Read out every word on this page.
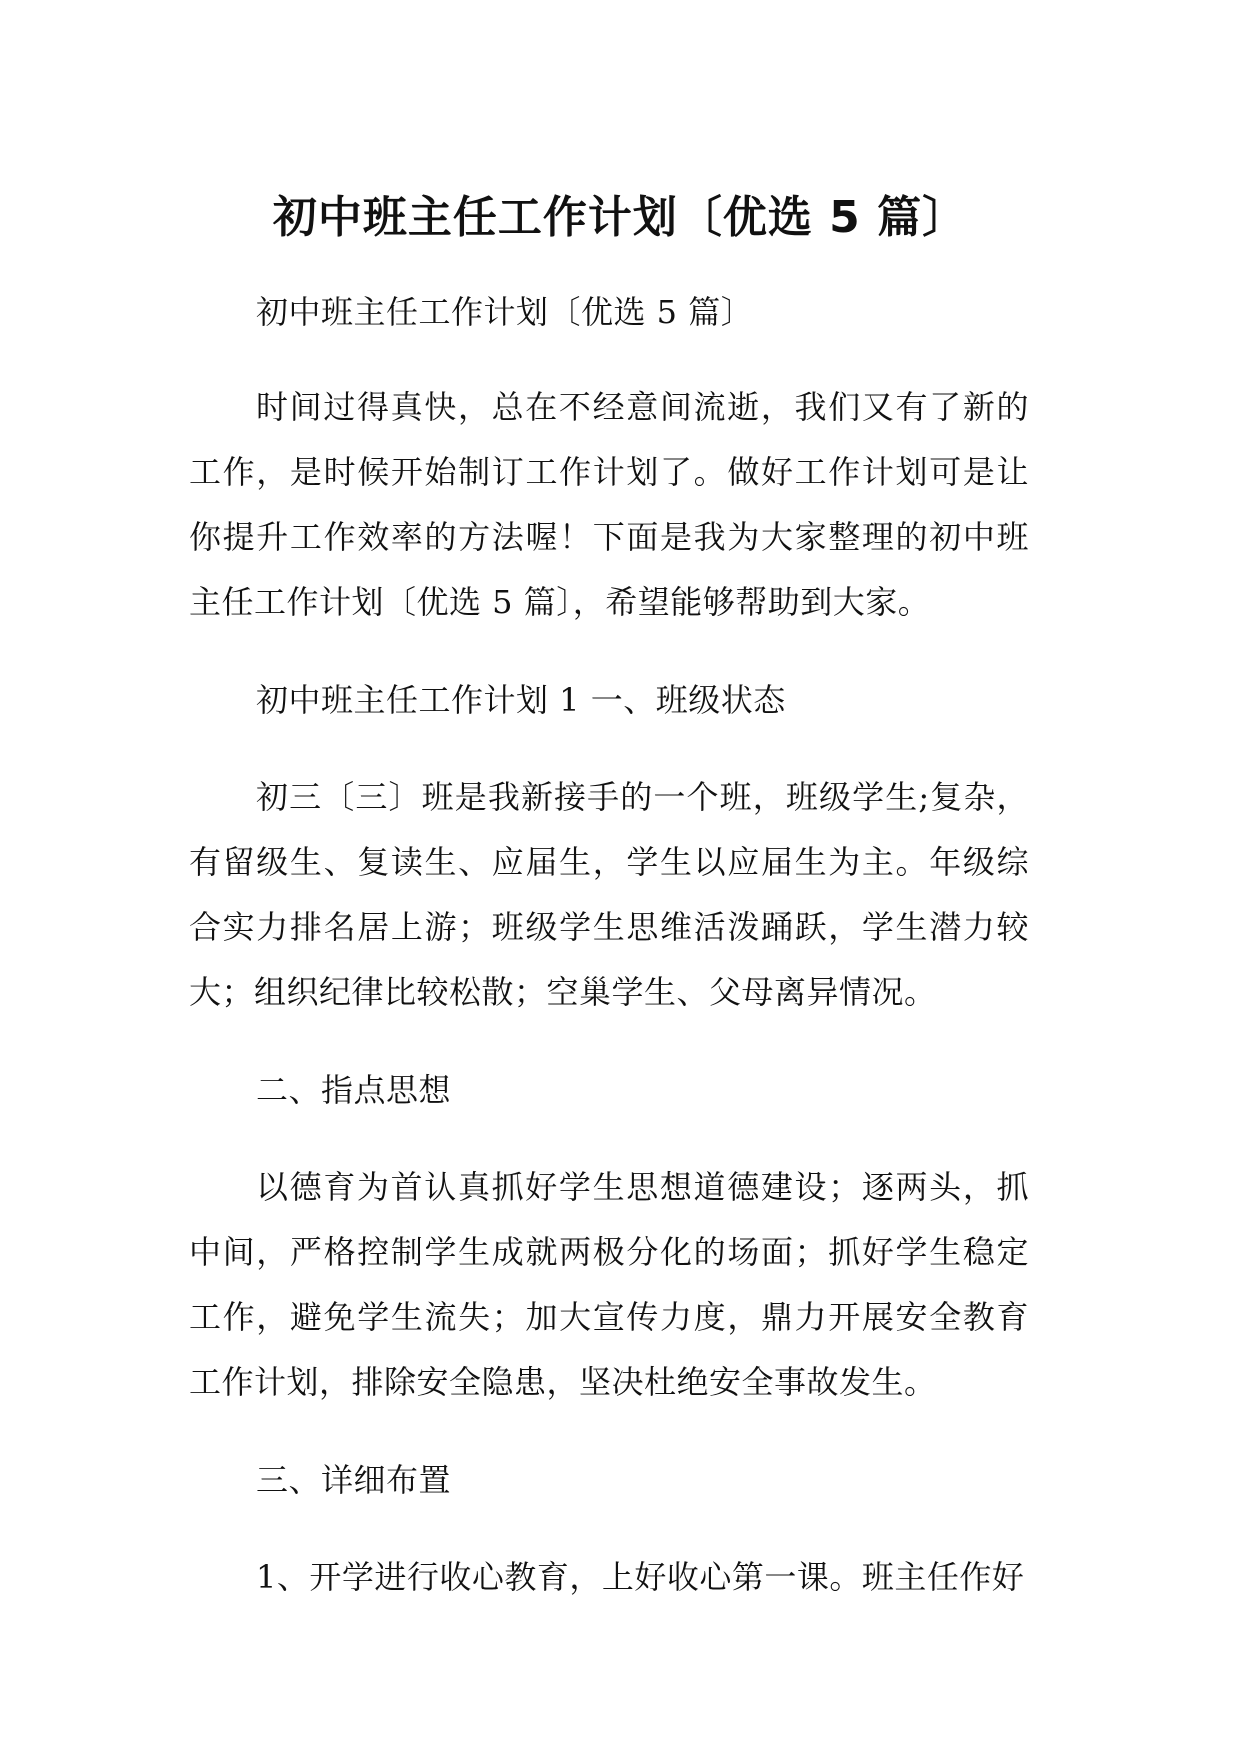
初中班主任工作计划〔优选 5 篇〕

初中班主任工作计划〔优选 5 篇〕

时间过得真快，总在不经意间流逝，我们又有了新的工作，是时候开始制订工作计划了。做好工作计划可是让你提升工作效率的方法喔！下面是我为大家整理的初中班主任工作计划〔优选 5 篇〕，希望能够帮助到大家。

初中班主任工作计划 1 一、班级状态

初三〔三〕班是我新接手的一个班，班级学生;复杂，有留级生、复读生、应届生，学生以应届生为主。年级综合实力排名居上游；班级学生思维活泼踊跃，学生潜力较大；组织纪律比较松散；空巢学生、父母离异情况。

二、指点思想

以德育为首认真抓好学生思想道德建设；逐两头，抓中间，严格控制学生成就两极分化的场面；抓好学生稳定工作，避免学生流失；加大宣传力度，鼎力开展安全教育工作计划，排除安全隐患，坚决杜绝安全事故发生。

三、详细布置

1、开学进行收心教育，上好收心第一课。班主任作好
